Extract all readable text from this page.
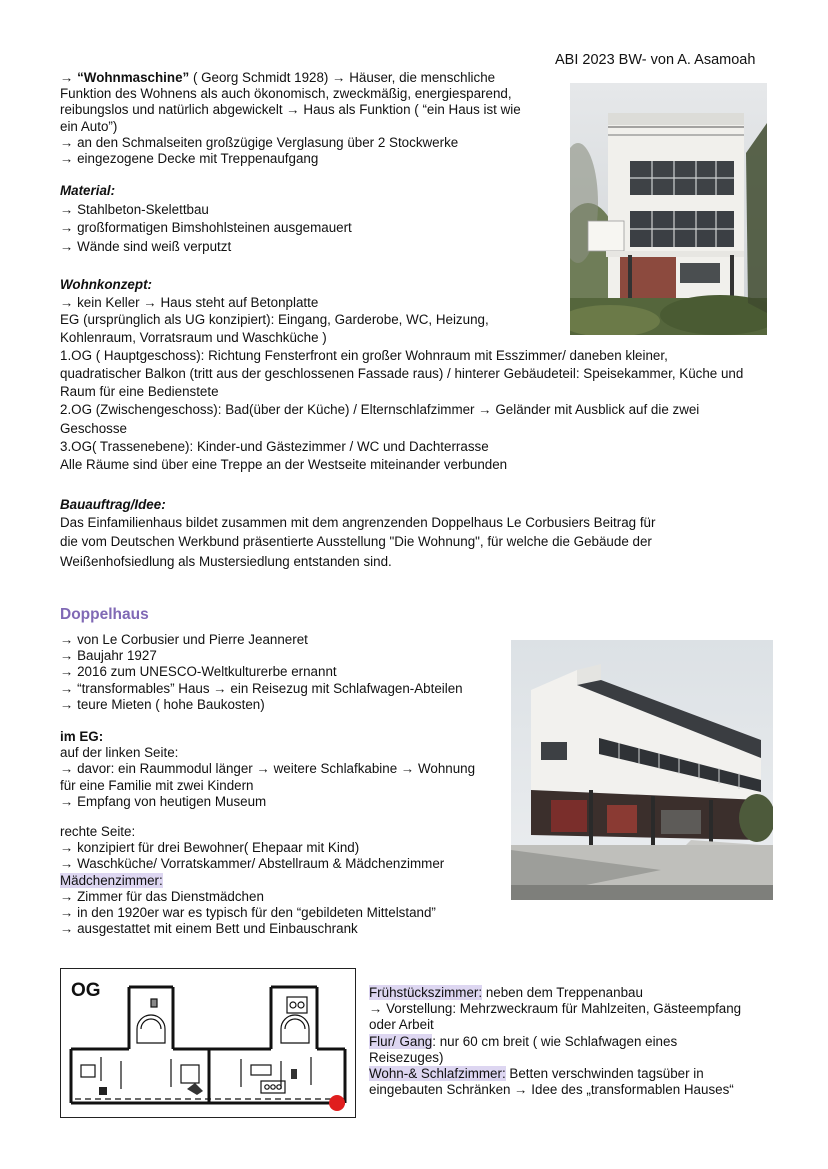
ABI 2023 BW- von A. Asamoah
→ “Wohnmaschine” ( Georg Schmidt 1928) → Häuser, die menschliche
Funktion des Wohnens als auch ökonomisch, zweckmäßig, energiesparend,
reibungslos und natürlich abgewickelt → Haus als Funktion ( “ein Haus ist wie
ein Auto”)
→ an den Schmalseiten großzügige Verglasung über 2 Stockwerke
→ eingezogene Decke mit Treppenaufgang
Material:
→ Stahlbeton-Skelettbau
→ großformatigen Bimshohlsteinen ausgemauert
→ Wände sind weiß verputzt
Wohnkonzept:
→ kein Keller → Haus steht auf Betonplatte
EG (ursprünglich als UG konzipiert): Eingang, Garderobe, WC, Heizung,
Kohlenraum, Vorratsraum und Waschküche )
1.OG ( Hauptgeschoss): Richtung Fensterfront ein großer Wohnraum mit Esszimmer/ daneben kleiner,
quadratischer Balkon (tritt aus der geschlossenen Fassade raus) / hinterer Gebäudeteil: Speisekammer, Küche und
Raum für eine Bedienstete
2.OG (Zwischengeschoss): Bad(über der Küche) / Elternschlafzimmer → Geländer mit Ausblick auf die zwei
Geschosse
3.OG( Trassenebene): Kinder-und Gästezimmer / WC und Dachterrasse
Alle Räume sind über eine Treppe an der Westseite miteinander verbunden
Bauauftrag/Idee:
Das Einfamilienhaus bildet zusammen mit dem angrenzenden Doppelhaus Le Corbusiers Beitrag für
die vom Deutschen Werkbund präsentierte Ausstellung "Die Wohnung", für welche die Gebäude der
Weißenhofsiedlung als Mustersiedlung entstanden sind.
Doppelhaus
→ von Le Corbusier und Pierre Jeanneret
→ Baujahr 1927
→ 2016 zum UNESCO-Weltkulturerbe ernannt
→ “transformables” Haus → ein Reisezug mit Schlafwagen-Abteilen
→ teure Mieten ( hohe Baukosten)
im EG:
auf der linken Seite:
→ davor: ein Raummodul länger → weitere Schlafkabine → Wohnung
für eine Familie mit zwei Kindern
→ Empfang von heutigen Museum
rechte Seite:
→ konzipiert für drei Bewohner( Ehepaar mit Kind)
→ Waschküche/ Vorratskammer/ Abstellraum & Mädchenzimmer
Mädchenzimmer:
→ Zimmer für das Dienstmädchen
→ in den 1920er war es typisch für den “gebildeten Mittelstand”
→ ausgestattet mit einem Bett und Einbauschrank
OG	Frühstückszimmer: neben dem Treppenanbau
→ Vorstellung: Mehrzweckraum für Mahlzeiten, Gästeempfang
oder Arbeit
Flur/ Gang: nur 60 cm breit ( wie Schlafwagen eines
Reisezuges)
Wohn-& Schlafzimmer: Betten verschwinden tagsüber in
eingebauten Schränken → Idee des „transformablen Hauses“
